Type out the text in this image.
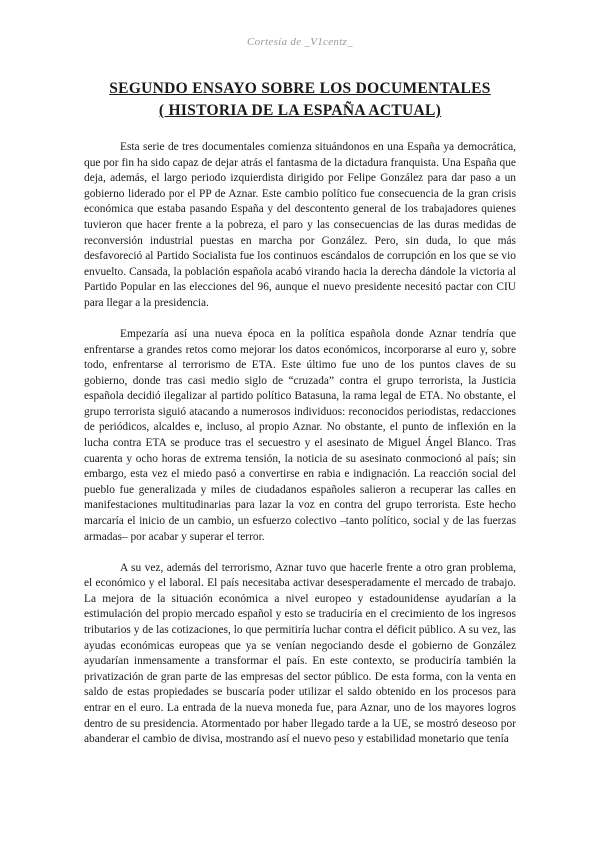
Cortesía de _V1centz_
SEGUNDO ENSAYO SOBRE LOS DOCUMENTALES
( HISTORIA DE LA ESPAÑA ACTUAL)

Esta serie de tres documentales comienza situándonos en una España ya democrática, que por fin ha sido capaz de dejar atrás el fantasma de la dictadura franquista. Una España que deja, además, el largo periodo izquierdista dirigido por Felipe González para dar paso a un gobierno liderado por el PP de Aznar. Este cambio político fue consecuencia de la gran crisis económica que estaba pasando España y del descontento general de los trabajadores quienes tuvieron que hacer frente a la pobreza, el paro y las consecuencias de las duras medidas de reconversión industrial puestas en marcha por González. Pero, sin duda, lo que más desfavoreció al Partido Socialista fue los continuos escándalos de corrupción en los que se vio envuelto. Cansada, la población española acabó virando hacia la derecha dándole la victoria al Partido Popular en las elecciones del 96, aunque el nuevo presidente necesitó pactar con CIU para llegar a la presidencia.

Empezaría así una nueva época en la política española donde Aznar tendría que enfrentarse a grandes retos como mejorar los datos económicos, incorporarse al euro y, sobre todo, enfrentarse al terrorismo de ETA. Este último fue uno de los puntos claves de su gobierno, donde tras casi medio siglo de “cruzada” contra el grupo terrorista, la Justicia española decidió ilegalizar al partido político Batasuna, la rama legal de ETA. No obstante, el grupo terrorista siguió atacando a numerosos individuos: reconocidos periodistas, redacciones de periódicos, alcaldes e, incluso, al propio Aznar. No obstante, el punto de inflexión en la lucha contra ETA se produce tras el secuestro y el asesinato de Miguel Ángel Blanco. Tras cuarenta y ocho horas de extrema tensión, la noticia de su asesinato conmocionó al país; sin embargo, esta vez el miedo pasó a convertirse en rabia e indignación. La reacción social del pueblo fue generalizada y miles de ciudadanos españoles salieron a recuperar las calles en manifestaciones multitudinarias para lazar la voz en contra del grupo terrorista. Este hecho marcaría el inicio de un cambio, un esfuerzo colectivo –tanto político, social y de las fuerzas armadas– por acabar y superar el terror.

A su vez, además del terrorismo, Aznar tuvo que hacerle frente a otro gran problema, el económico y el laboral. El país necesitaba activar desesperadamente el mercado de trabajo. La mejora de la situación económica a nivel europeo y estadounidense ayudarían a la estimulación del propio mercado español y esto se traduciría en el crecimiento de los ingresos tributarios y de las cotizaciones, lo que permitiría luchar contra el déficit público. A su vez, las ayudas económicas europeas que ya se venían negociando desde el gobierno de González ayudarían inmensamente a transformar el país. En este contexto, se produciría también la privatización de gran parte de las empresas del sector público. De esta forma, con la venta en saldo de estas propiedades se buscaría poder utilizar el saldo obtenido en los procesos para entrar en el euro. La entrada de la nueva moneda fue, para Aznar, uno de los mayores logros dentro de su presidencia. Atormentado por haber llegado tarde a la UE, se mostró deseoso por abanderar el cambio de divisa, mostrando así el nuevo peso y estabilidad monetario que tenía
